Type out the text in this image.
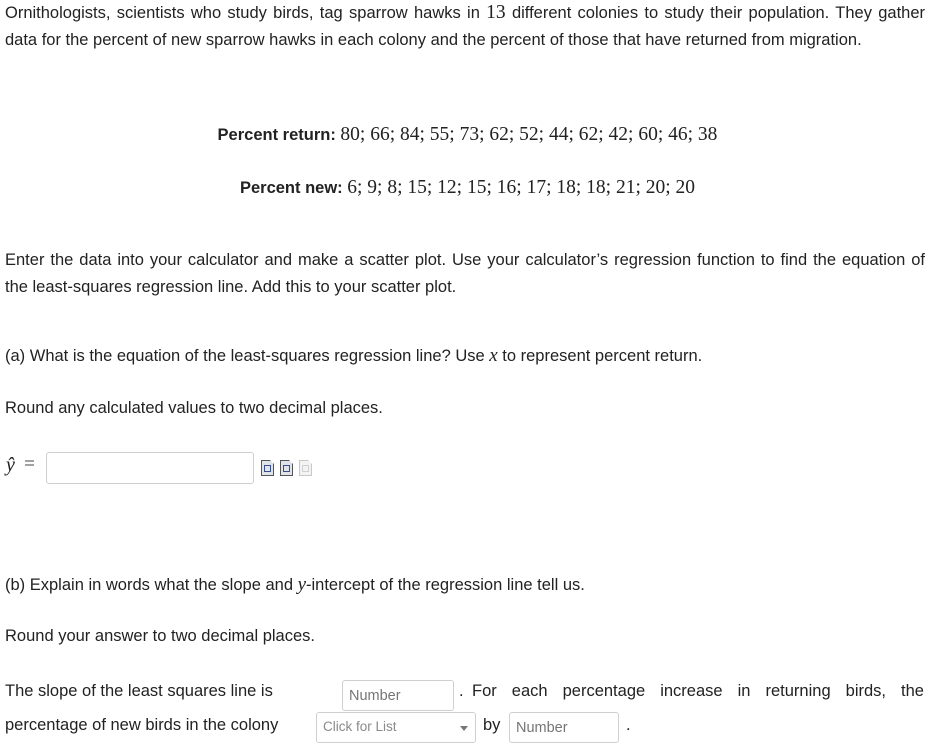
Ornithologists, scientists who study birds, tag sparrow hawks in 13 different colonies to study their population. They gather data for the percent of new sparrow hawks in each colony and the percent of those that have returned from migration.
Percent return: 80; 66; 84; 55; 73; 62; 52; 44; 62; 42; 60; 46; 38
Percent new: 6; 9; 8; 15; 12; 15; 16; 17; 18; 18; 21; 20; 20
Enter the data into your calculator and make a scatter plot. Use your calculator’s regression function to find the equation of the least-squares regression line. Add this to your scatter plot.
(a) What is the equation of the least-squares regression line? Use x to represent percent return.
Round any calculated values to two decimal places.
ŷ =
(b) Explain in words what the slope and y-intercept of the regression line tell us.
Round your answer to two decimal places.
The slope of the least squares line is
Number	. For each percentage increase in returning birds, the
percentage of new birds in the colony	Click for List	by
Number	.
